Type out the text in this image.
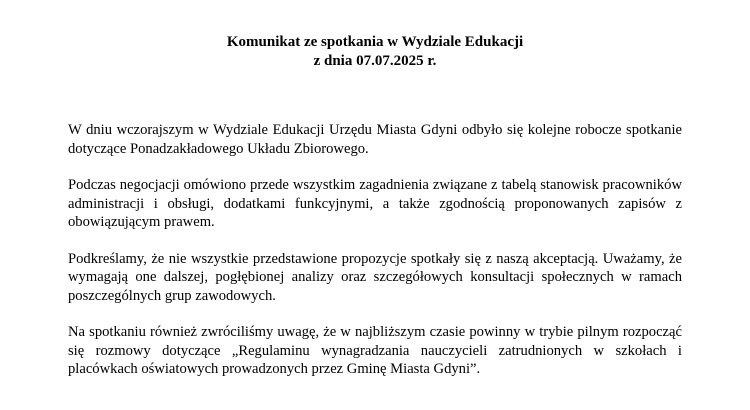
Komunikat ze spotkania w Wydziale Edukacji
z dnia 07.07.2025 r.

W dniu wczorajszym w Wydziale Edukacji Urzędu Miasta Gdyni odbyło się kolejne robocze spotkanie dotyczące Ponadzakładowego Układu Zbiorowego.

Podczas negocjacji omówiono przede wszystkim zagadnienia związane z tabelą stanowisk pracowników administracji i obsługi, dodatkami funkcyjnymi, a także zgodnością proponowanych zapisów z obowiązującym prawem.

Podkreślamy, że nie wszystkie przedstawione propozycje spotkały się z naszą akceptacją. Uważamy, że wymagają one dalszej, pogłębionej analizy oraz szczegółowych konsultacji społecznych w ramach poszczególnych grup zawodowych.

Na spotkaniu również zwróciliśmy uwagę, że w najbliższym czasie powinny w trybie pilnym rozpocząć się rozmowy dotyczące „Regulaminu wynagradzania nauczycieli zatrudnionych w szkołach i placówkach oświatowych prowadzonych przez Gminę Miasta Gdyni”.
